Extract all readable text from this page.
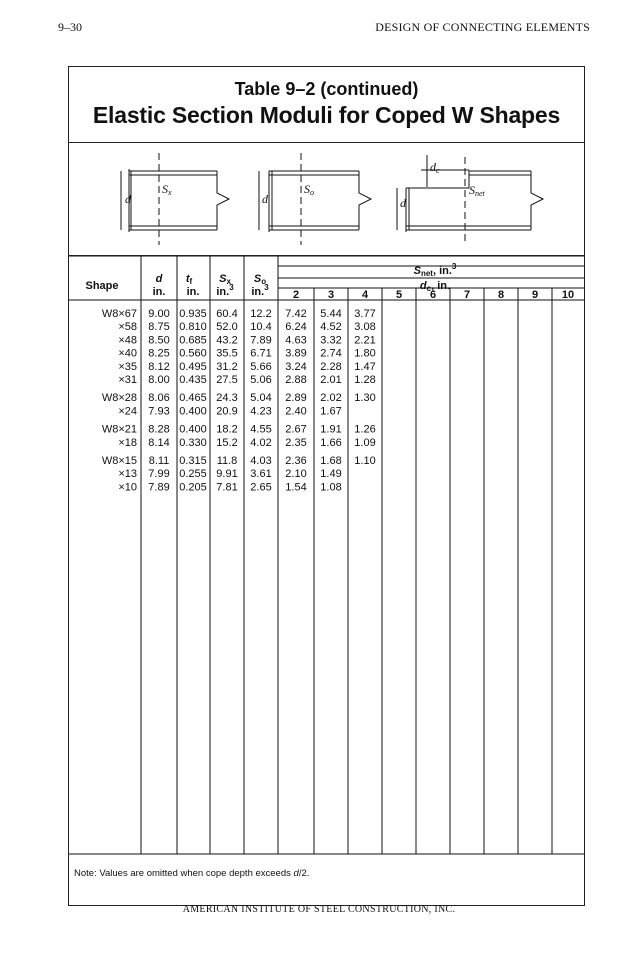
9–30	DESIGN OF CONNECTING ELEMENTS
Table 9–2 (continued)
Elastic Section Moduli for Coped W Shapes
d
Sx	d
So
d
dc
Snet
Shape
d
in.
tf
in.
Sx
in.$^3$
So
in.$^3$
Snet, in.$^3$
dc, in.
2	3	4	5	6	7	8	9 10
W8×67 9.00 0.935 60.4 12.2 7.42 5.44 3.77
×58 8.75 0.810 52.0 10.4 6.24 4.52 3.08
×48 8.50 0.685 43.2 7.89 4.63 3.32 2.21
×40 8.25 0.560 35.5 6.71 3.89 2.74 1.80
×35 8.12 0.495 31.2 5.66 3.24 2.28 1.47
×31 8.00 0.435 27.5 5.06 2.88 2.01 1.28
W8×28 8.06 0.465 24.3 5.04 2.89 2.02 1.30
×24 7.93 0.400 20.9 4.23 2.40 1.67
W8×21 8.28 0.400 18.2 4.55 2.67 1.91 1.26
×18 8.14 0.330 15.2 4.02 2.35 1.66 1.09
W8×15 8.11 0.315 11.8 4.03 2.36 1.68 1.10
×13 7.99 0.255 9.91 3.61 2.10 1.49
×10 7.89 0.205 7.81 2.65 1.54 1.08
Note: Values are omitted when cope depth exceeds d/2.
AMERICAN INSTITUTE OF STEEL CONSTRUCTION, INC.
